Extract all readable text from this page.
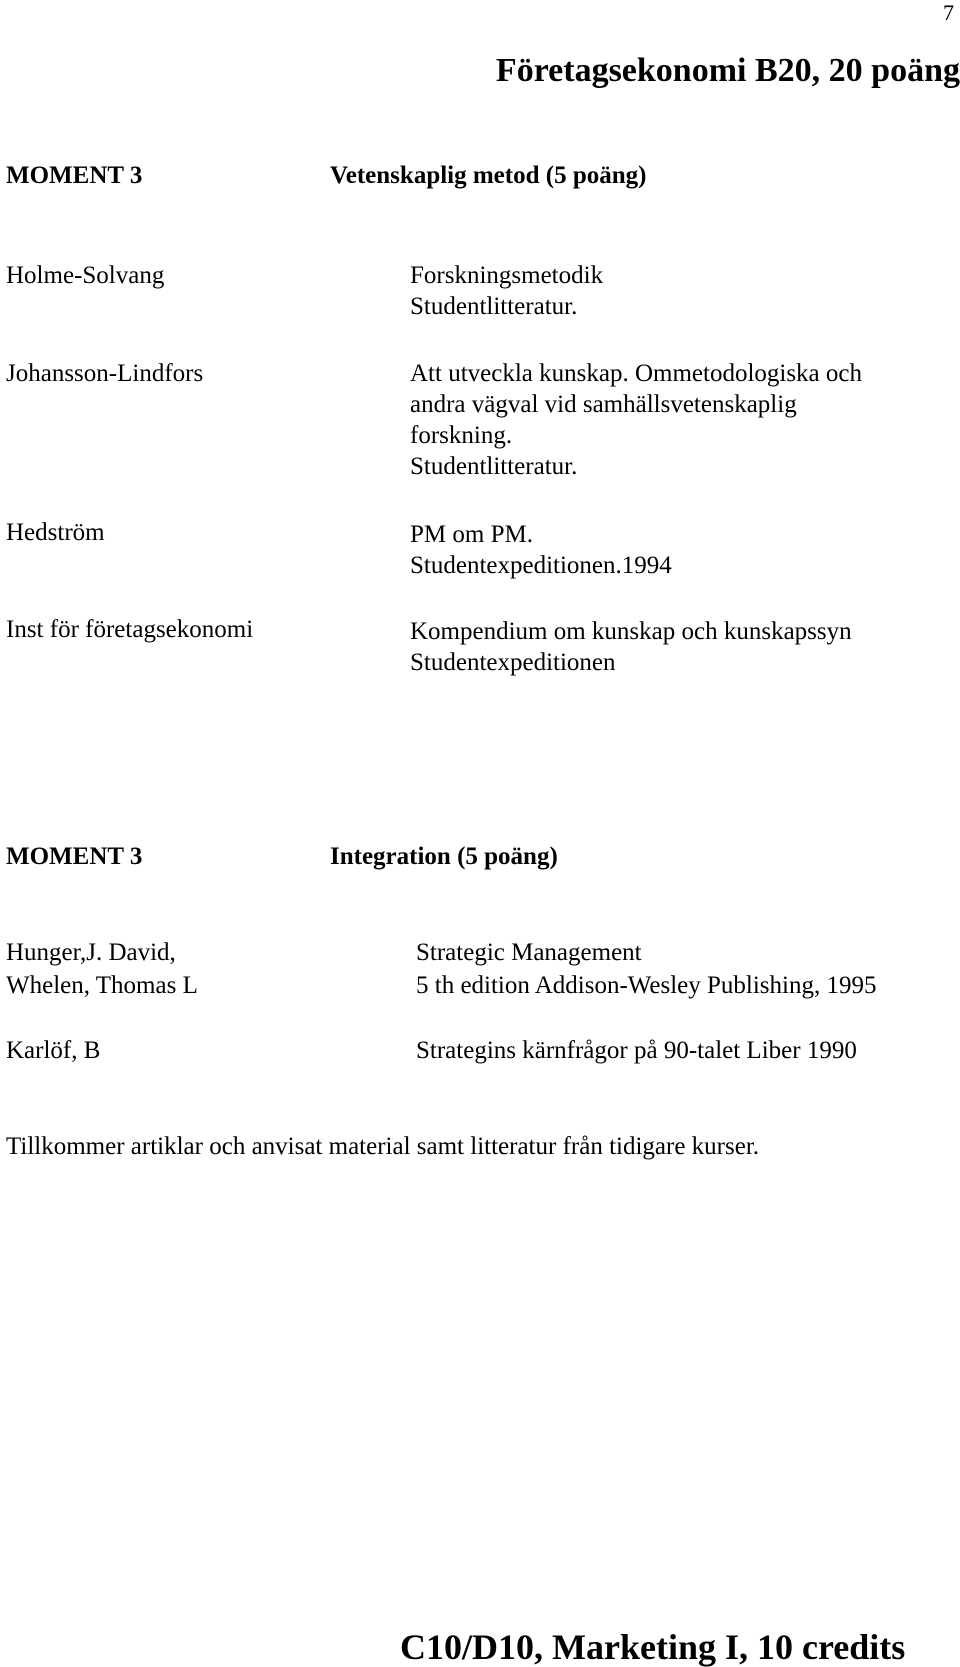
7
Företagsekonomi B20, 20 poäng
MOMENT 3	Vetenskaplig metod (5 poäng)
Holme-Solvang	Forskningsmetodik
Studentlitteratur.
Johansson-Lindfors	Att utveckla kunskap. Ommetodologiska och
andra vägval vid samhällsvetenskaplig
forskning.
Studentlitteratur.
Hedström	PM om PM.
Studentexpeditionen.1994
Inst för företagsekonomi	Kompendium om kunskap och kunskapssyn
Studentexpeditionen
MOMENT 3	Integration (5 poäng)
Hunger,J. David,	Strategic Management
Whelen, Thomas L	5 th edition Addison-Wesley Publishing, 1995
Karlöf, B	Strategins kärnfrågor på 90-talet Liber 1990
Tillkommer artiklar och anvisat material samt litteratur från tidigare kurser.
C10/D10, Marketing I, 10 credits
